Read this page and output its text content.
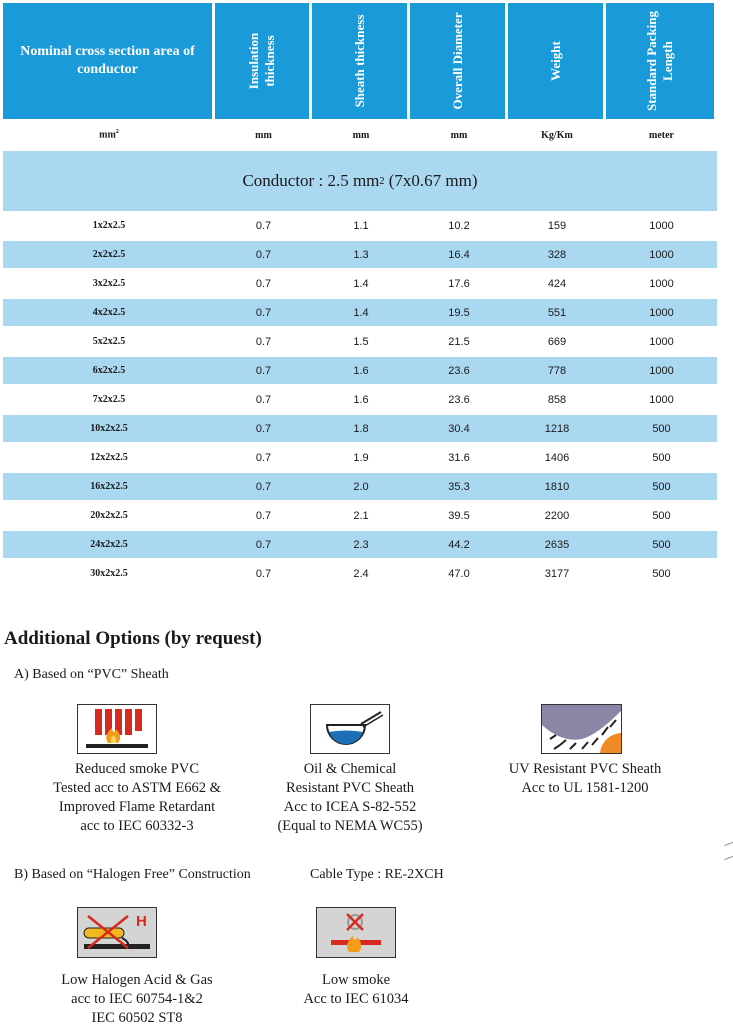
Nominal cross section area of conductor	Insulation thickness	Sheath thickness	Overall Diameter	Weight	Standard Packing Length
$mm^2$	mm	mm	mm	Kg/Km	meter
Conductor : 2.5 mm 2 (7x0.67 mm)
1x2x2.5	0.7	1.1	10.2	159	1000
2x2x2.5	0.7	1.3	16.4	328	1000
3x2x2.5	0.7	1.4	17.6	424	1000
4x2x2.5	0.7	1.4	19.5	551	1000
5x2x2.5	0.7	1.5	21.5	669	1000
6x2x2.5	0.7	1.6	23.6	778	1000
7x2x2.5	0.7	1.6	23.6	858	1000
10x2x2.5	0.7	1.8	30.4	1218	500
12x2x2.5	0.7	1.9	31.6	1406	500
16x2x2.5	0.7	2.0	35.3	1810	500
20x2x2.5	0.7	2.1	39.5	2200	500
24x2x2.5	0.7	2.3	44.2	2635	500
30x2x2.5	0.7	2.4	47.0	3177	500
Additional Options (by request)
A) Based on “PVC” Sheath
Reduced smoke PVC
Tested acc to ASTM E662 &
Improved Flame Retardant
acc to IEC 60332-3
Oil & Chemical
Resistant PVC Sheath
Acc to ICEA S-82-552
(Equal to NEMA WC55)
UV Resistant PVC Sheath
Acc to UL 1581-1200
B) Based on “Halogen Free” Construction	Cable Type : RE-2XCH
H
Low Halogen Acid & Gas
acc to IEC 60754-1&2
IEC 60502 ST8
Low smoke
Acc to IEC 61034
